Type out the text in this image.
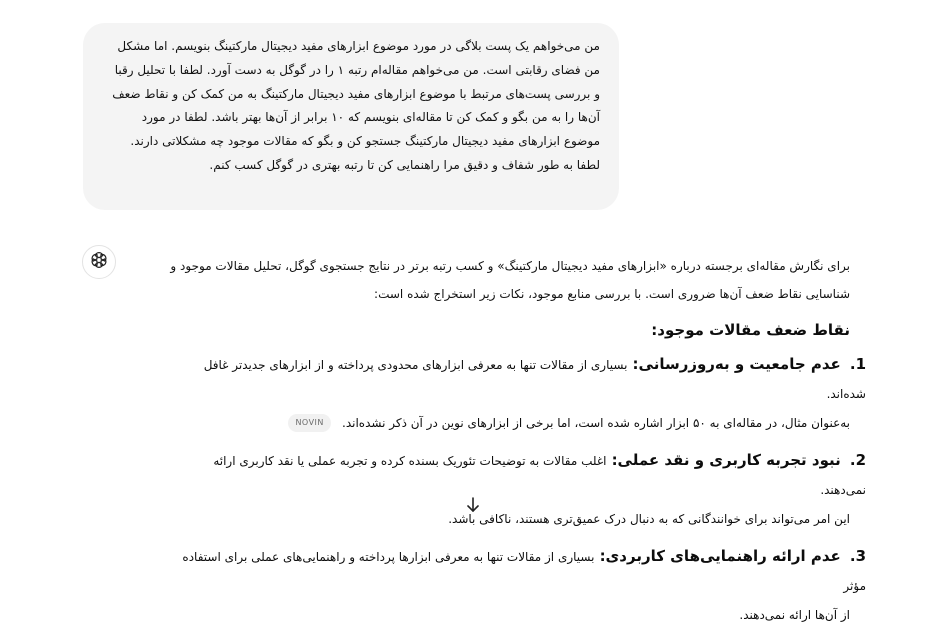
من می‌خواهم یک پست بلاگی در مورد موضوع ابزارهای مفید دیجیتال مارکتینگ بنویسم. اما مشکل من فضای رقابتی است. من می‌خواهم مقاله‌ام رتبه ۱ را در گوگل به دست آورد. لطفا با تحلیل رقبا و بررسی پست‌های مرتبط با موضوع ابزارهای مفید دیجیتال مارکتینگ به من کمک کن و نقاط ضعف آن‌ها را به من بگو و کمک کن تا مقاله‌ای بنویسم که ۱۰ برابر از آن‌ها بهتر باشد. لطفا در مورد موضوع ابزارهای مفید دیجیتال مارکتینگ جستجو کن و بگو که مقالات موجود چه مشکلاتی دارند. لطفا به طور شفاف و دقیق مرا راهنمایی کن تا رتبه بهتری در گوگل کسب کنم.

برای نگارش مقاله‌ای برجسته درباره «ابزارهای مفید دیجیتال مارکتینگ» و کسب رتبه برتر در نتایج جستجوی گوگل، تحلیل مقالات موجود و شناسایی نقاط ضعف آن‌ها ضروری است. با بررسی منابع موجود، نکات زیر استخراج شده است:

نقاط ضعف مقالات موجود:
1. عدم جامعیت و به‌روزرسانی: بسیاری از مقالات تنها به معرفی ابزارهای محدودی پرداخته و از ابزارهای جدیدتر غافل شده‌اند.
به‌عنوان مثال، در مقاله‌ای به ۵۰ ابزار اشاره شده است، اما برخی از ابزارهای نوین در آن ذکر نشده‌اند. NOVIN
2. نبود تجربه کاربری و نقد عملی: اغلب مقالات به توضیحات تئوریک بسنده کرده و تجربه عملی یا نقد کاربری ارائه نمی‌دهند.
این امر می‌تواند برای خوانندگانی که به دنبال درک عمیق‌تری هستند، ناکافی باشد.
3. عدم ارائه راهنمایی‌های کاربردی: بسیاری از مقالات تنها به معرفی ابزارها پرداخته و راهنمایی‌های عملی برای استفاده مؤثر
از آن‌ها ارائه نمی‌دهند.
